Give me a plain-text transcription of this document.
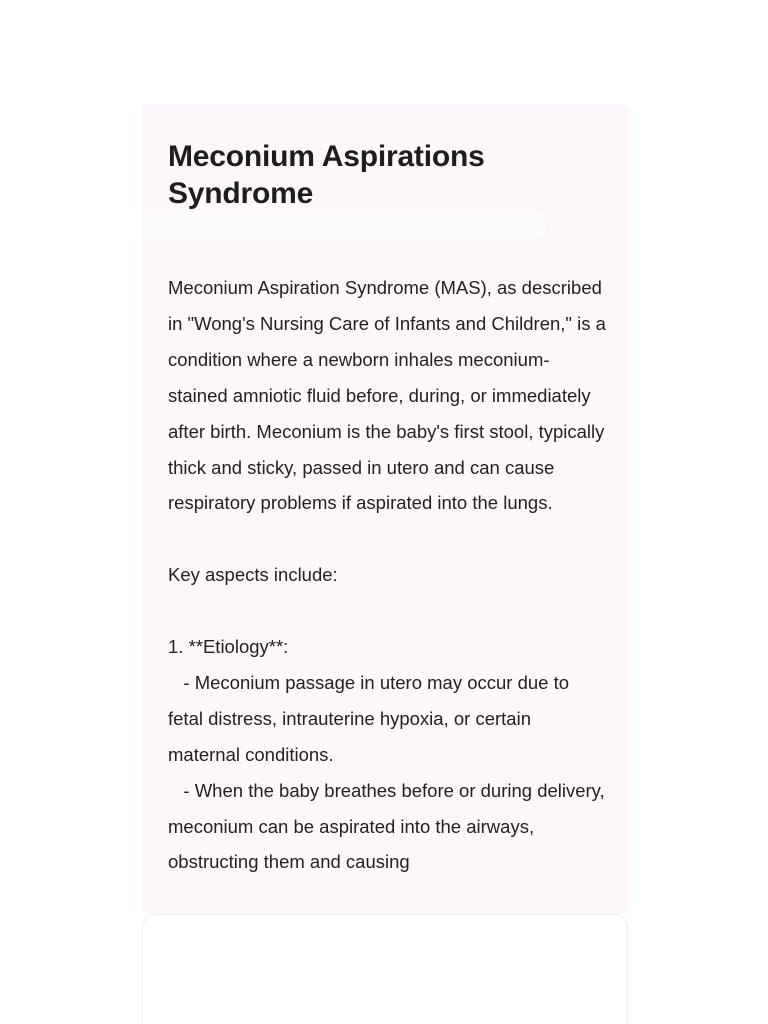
Meconium Aspirations Syndrome

Meconium Aspiration Syndrome (MAS), as described in "Wong's Nursing Care of Infants and Children," is a condition where a newborn inhales meconium-stained amniotic fluid before, during, or immediately after birth. Meconium is the baby's first stool, typically thick and sticky, passed in utero and can cause respiratory problems if aspirated into the lungs.

Key aspects include:

1. **Etiology**:

- Meconium passage in utero may occur due to fetal distress, intrauterine hypoxia, or certain maternal conditions.

- When the baby breathes before or during delivery, meconium can be aspirated into the airways, obstructing them and causing
